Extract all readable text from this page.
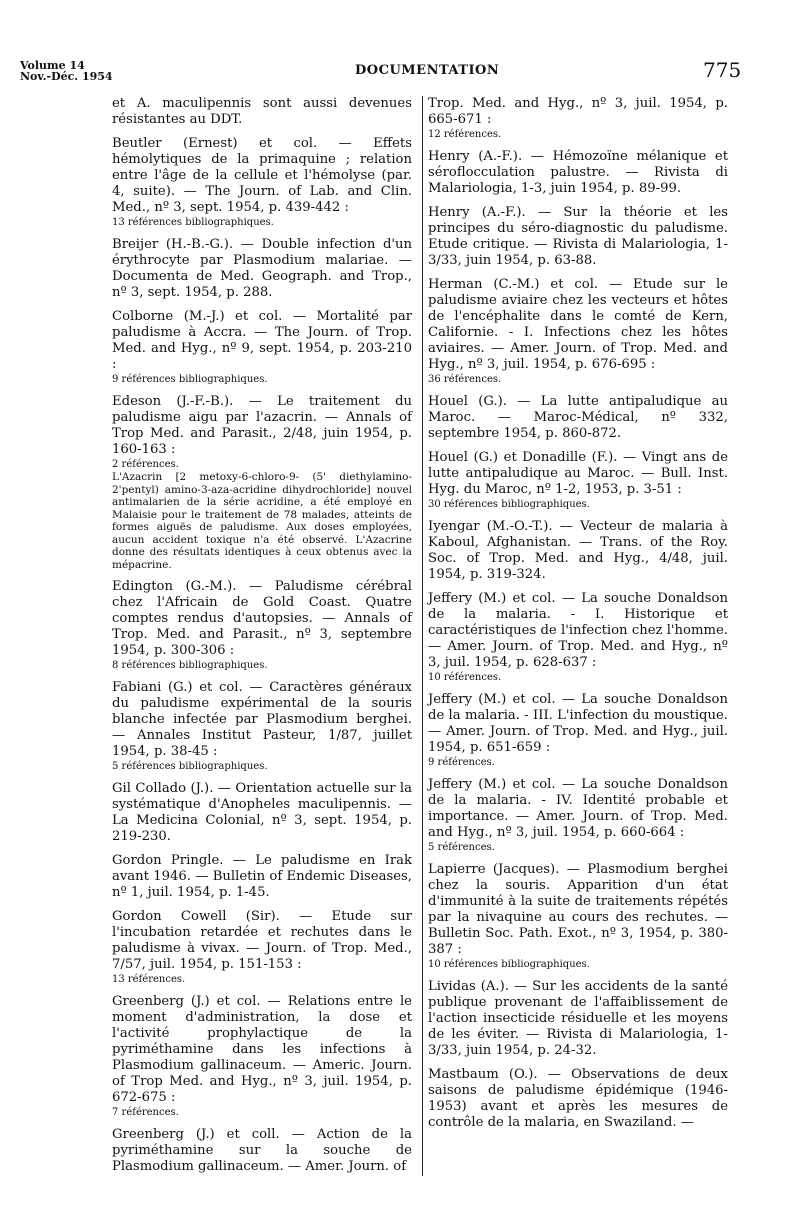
Volume 14
Nov.-Déc. 1954	DOCUMENTATION	775
et A. maculipennis sont aussi devenues résistantes au DDT.
Beutler (Ernest) et col. — Effets hémolytiques de la primaquine ; relation entre l'âge de la cellule et l'hémolyse (par. 4, suite). — The Journ. of Lab. and Clin. Med., nº 3, sept. 1954, p. 439-442 :
13 références bibliographiques.
Breijer (H.-B.-G.). — Double infection d'un érythrocyte par Plasmodium malariae. — Documenta de Med. Geograph. and Trop., nº 3, sept. 1954, p. 288.
Colborne (M.-J.) et col. — Mortalité par paludisme à Accra. — The Journ. of Trop. Med. and Hyg., nº 9, sept. 1954, p. 203-210 :
9 références bibliographiques.
Edeson (J.-F.-B.). — Le traitement du paludisme aigu par l'azacrin. — Annals of Trop Med. and Parasit., 2/48, juin 1954, p. 160-163 :
2 références.
L'Azacrin [2 metoxy-6-chloro-9- (5' diethylamino-2'pentyl) amino-3-aza-acridine dihydrochloride] nouvel antimalarien de la série acridine, a été employé en Malaisie pour le traitement de 78 malades, atteints de formes aiguës de paludisme. Aux doses employées, aucun accident toxique n'a été observé. L'Azacrine donne des résultats identiques à ceux obtenus avec la mépacrine.
Edington (G.-M.). — Paludisme cérébral chez l'Africain de Gold Coast. Quatre comptes rendus d'autopsies. — Annals of Trop. Med. and Parasit., nº 3, septembre 1954, p. 300-306 :
8 références bibliographiques.
Fabiani (G.) et col. — Caractères généraux du paludisme expérimental de la souris blanche infectée par Plasmodium berghei. — Annales Institut Pasteur, 1/87, juillet 1954, p. 38-45 :
5 références bibliographiques.
Gil Collado (J.). — Orientation actuelle sur la systématique d'Anopheles maculipennis. — La Medicina Colonial, nº 3, sept. 1954, p. 219-230.
Gordon Pringle. — Le paludisme en Irak avant 1946. — Bulletin of Endemic Diseases, nº 1, juil. 1954, p. 1-45.
Gordon Cowell (Sir). — Etude sur l'incubation retardée et rechutes dans le paludisme à vivax. — Journ. of Trop. Med., 7/57, juil. 1954, p. 151-153 :
13 références.
Greenberg (J.) et col. — Relations entre le moment d'administration, la dose et l'activité prophylactique de la pyriméthamine dans les infections à Plasmodium gallinaceum. — Americ. Journ. of Trop Med. and Hyg., nº 3, juil. 1954, p. 672-675 :
7 références.
Greenberg (J.) et coll. — Action de la pyriméthamine sur la souche de Plasmodium gallinaceum. — Amer. Journ. of
Trop. Med. and Hyg., nº 3, juil. 1954, p. 665-671 :
12 références.
Henry (A.-F.). — Hémozoïne mélanique et séroflocculation palustre. — Rivista di Malariologia, 1-3, juin 1954, p. 89-99.
Henry (A.-F.). — Sur la théorie et les principes du séro-diagnostic du paludisme. Etude critique. — Rivista di Malariologia, 1-3/33, juin 1954, p. 63-88.
Herman (C.-M.) et col. — Etude sur le paludisme aviaire chez les vecteurs et hôtes de l'encéphalite dans le comté de Kern, Californie. - I. Infections chez les hôtes aviaires. — Amer. Journ. of Trop. Med. and Hyg., nº 3, juil. 1954, p. 676-695 :
36 références.
Houel (G.). — La lutte antipaludique au Maroc. — Maroc-Médical, nº 332, septembre 1954, p. 860-872.
Houel (G.) et Donadille (F.). — Vingt ans de lutte antipaludique au Maroc. — Bull. Inst. Hyg. du Maroc, nº 1-2, 1953, p. 3-51 :
30 références bibliographiques.
Iyengar (M.-O.-T.). — Vecteur de malaria à Kaboul, Afghanistan. — Trans. of the Roy. Soc. of Trop. Med. and Hyg., 4/48, juil. 1954, p. 319-324.
Jeffery (M.) et col. — La souche Donaldson de la malaria. - I. Historique et caractéristiques de l'infection chez l'homme. — Amer. Journ. of Trop. Med. and Hyg., nº 3, juil. 1954, p. 628-637 :
10 références.
Jeffery (M.) et col. — La souche Donaldson de la malaria. - III. L'infection du moustique. — Amer. Journ. of Trop. Med. and Hyg., juil. 1954, p. 651-659 :
9 références.
Jeffery (M.) et col. — La souche Donaldson de la malaria. - IV. Identité probable et importance. — Amer. Journ. of Trop. Med. and Hyg., nº 3, juil. 1954, p. 660-664 :
5 références.
Lapierre (Jacques). — Plasmodium berghei chez la souris. Apparition d'un état d'immunité à la suite de traitements répétés par la nivaquine au cours des rechutes. — Bulletin Soc. Path. Exot., nº 3, 1954, p. 380-387 :
10 références bibliographiques.
Lividas (A.). — Sur les accidents de la santé publique provenant de l'affaiblissement de l'action insecticide résiduelle et les moyens de les éviter. — Rivista di Malariologia, 1-3/33, juin 1954, p. 24-32.
Mastbaum (O.). — Observations de deux saisons de paludisme épidémique (1946-1953) avant et après les mesures de contrôle de la malaria, en Swaziland. —
